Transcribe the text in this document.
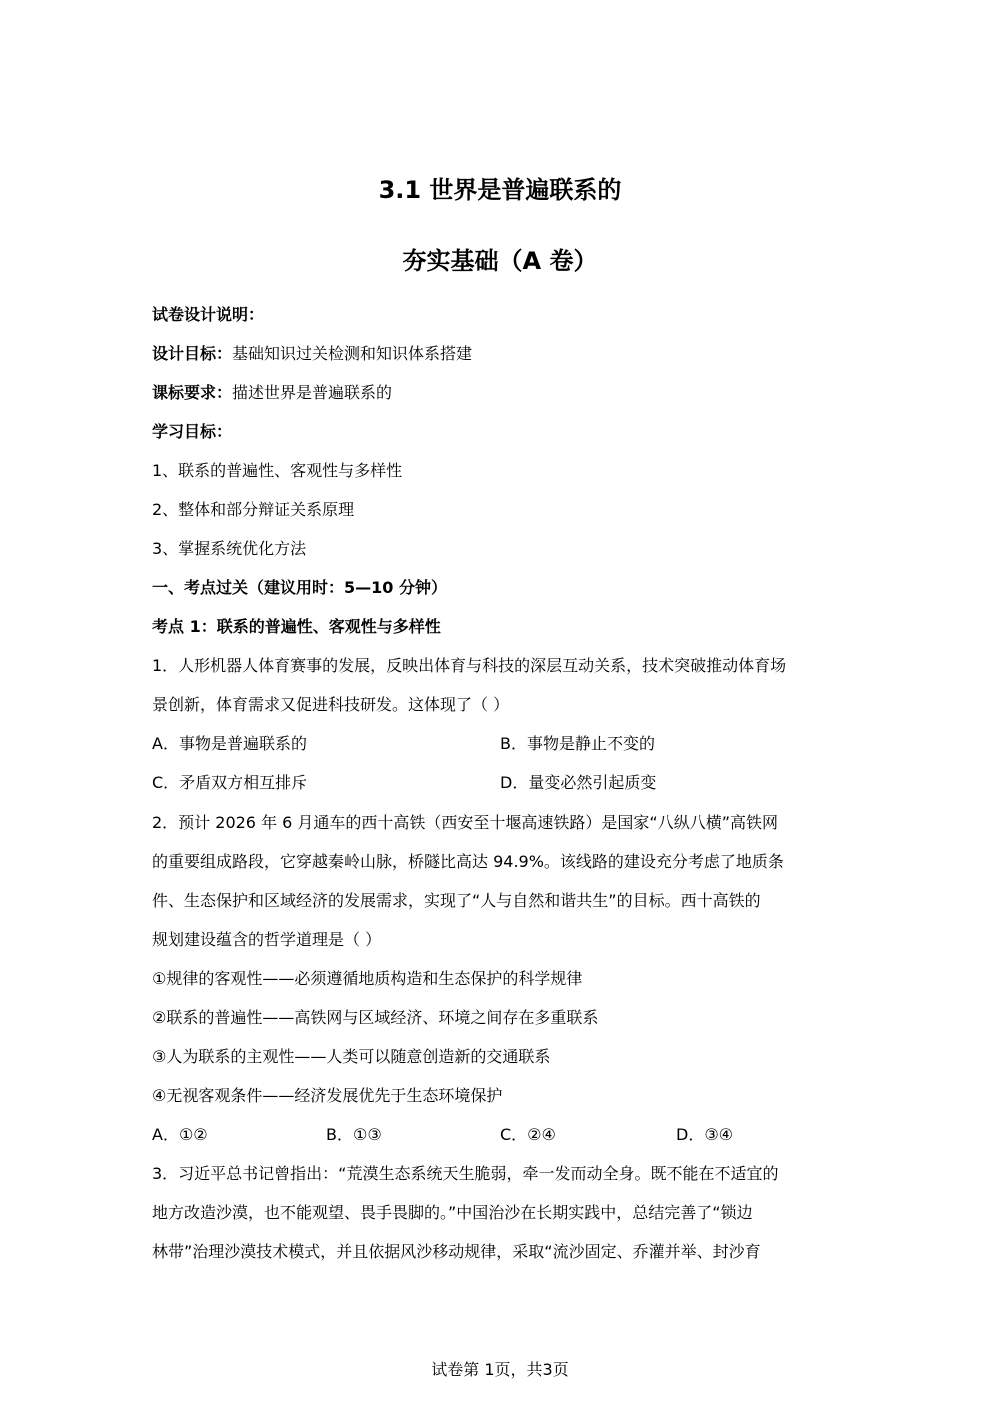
3.1 世界是普遍联系的
夯实基础（A 卷）
试卷设计说明：
设计目标：基础知识过关检测和知识体系搭建
课标要求：描述世界是普遍联系的
学习目标：
1、联系的普遍性、客观性与多样性
2、整体和部分辩证关系原理
3、掌握系统优化方法
一、考点过关（建议用时：5—10 分钟）
考点 1：联系的普遍性、客观性与多样性
1．人形机器人体育赛事的发展，反映出体育与科技的深层互动关系，技术突破推动体育场
景创新，体育需求又促进科技研发。这体现了（ ）
A．事物是普遍联系的	B．事物是静止不变的
C．矛盾双方相互排斥	D．量变必然引起质变
2．预计 2026 年 6 月通车的西十高铁（西安至十堰高速铁路）是国家“八纵八横”高铁网
的重要组成路段，它穿越秦岭山脉，桥隧比高达 94.9%。该线路的建设充分考虑了地质条
件、生态保护和区域经济的发展需求，实现了“人与自然和谐共生”的目标。西十高铁的
规划建设蕴含的哲学道理是（ ）
①规律的客观性——必须遵循地质构造和生态保护的科学规律
②联系的普遍性——高铁网与区域经济、环境之间存在多重联系
③人为联系的主观性——人类可以随意创造新的交通联系
④无视客观条件——经济发展优先于生态环境保护
A．①②	B．①③	C．②④	D．③④
3．习近平总书记曾指出：“荒漠生态系统天生脆弱，牵一发而动全身。既不能在不适宜的
地方改造沙漠，也不能观望、畏手畏脚的。”中国治沙在长期实践中，总结完善了“锁边
林带”治理沙漠技术模式，并且依据风沙移动规律，采取“流沙固定、乔灌并举、封沙育
试卷第 1页，共3页
